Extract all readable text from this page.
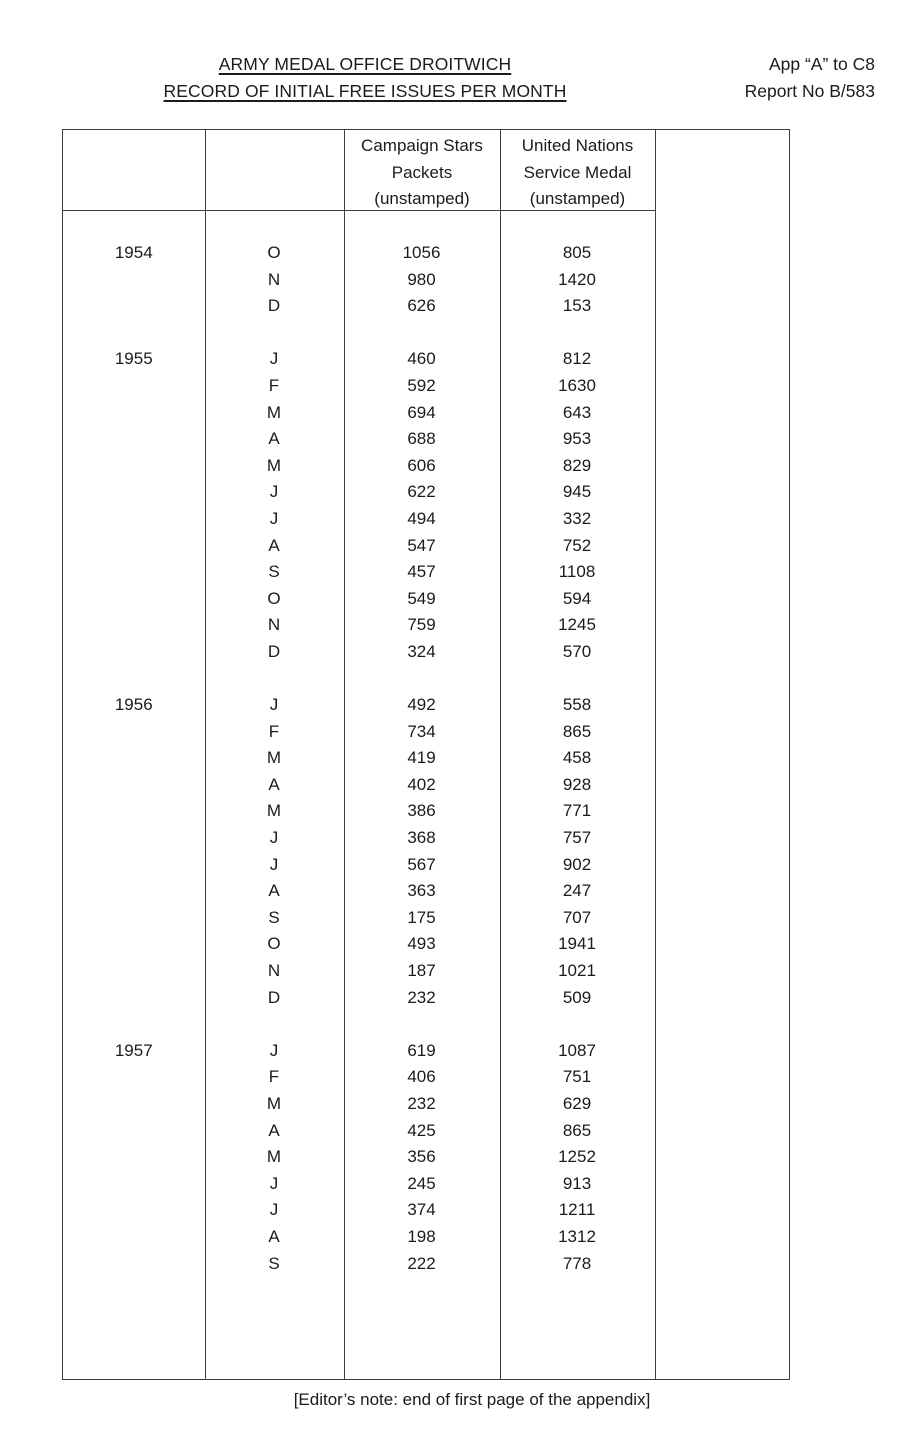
ARMY MEDAL OFFICE DROITWICH
RECORD OF INITIAL FREE ISSUES PER MONTH
App “A” to C8
Report No B/583
Campaign Stars
Packets
(unstamped)
United Nations
Service Medal
(unstamped)
1954	O	1056	805
N	980	1420
D	626	153
1955	J	460	812
F	592	1630
M	694	643
A	688	953
M	606	829
J	622	945
J	494	332
A	547	752
S	457	1108
O	549	594
N	759	1245
D	324	570
1956	J	492	558
F	734	865
M	419	458
A	402	928
M	386	771
J	368	757
J	567	902
A	363	247
S	175	707
O	493	1941
N	187	1021
D	232	509
1957	J	619	1087
F	406	751
M	232	629
A	425	865
M	356	1252
J	245	913
J	374	1211
A	198	1312
S	222	778
[Editor’s note: end of first page of the appendix]
